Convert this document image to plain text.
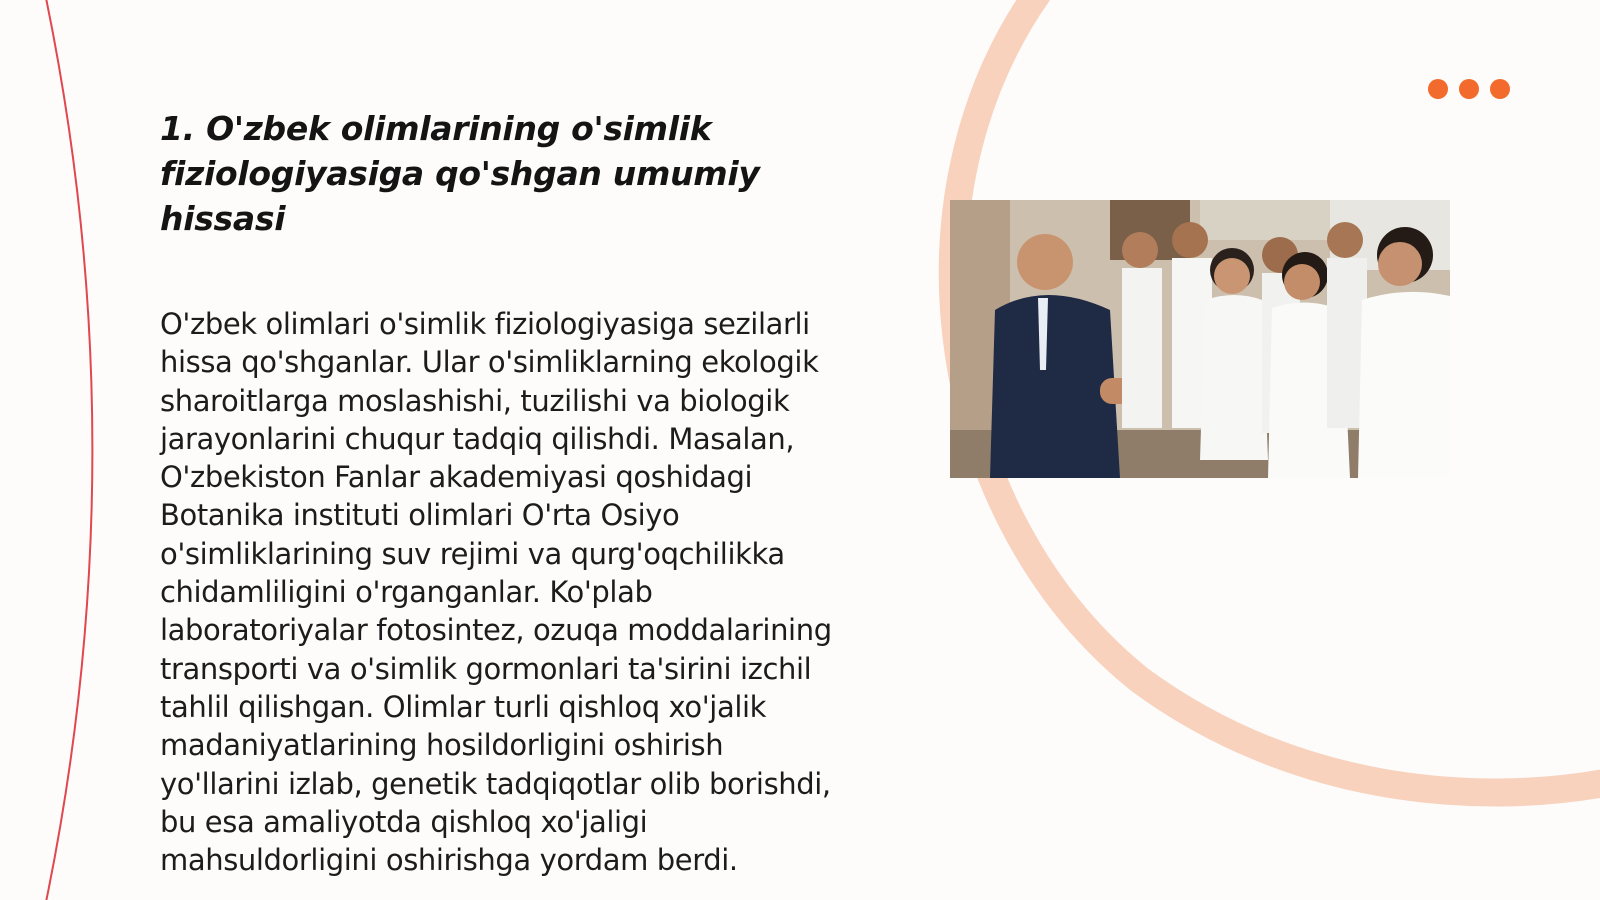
1. O'zbek olimlarining o'simlik fiziologiyasiga qo'shgan umumiy hissasi

O'zbek olimlari o'simlik fiziologiyasiga sezilarli hissa qo'shganlar. Ular o'simliklarning ekologik sharoitlarga moslashishi, tuzilishi va biologik jarayonlarini chuqur tadqiq qilishdi. Masalan, O'zbekiston Fanlar akademiyasi qoshidagi Botanika instituti olimlari O'rta Osiyo o'simliklarining suv rejimi va qurg'oqchilikka chidamliligini o'rganganlar. Ko'plab laboratoriyalar fotosintez, ozuqa moddalarining transporti va o'simlik gormonlari ta'sirini izchil tahlil qilishgan. Olimlar turli qishloq xo'jalik madaniyatlarining hosildorligini oshirish yo'llarini izlab, genetik tadqiqotlar olib borishdi, bu esa amaliyotda qishloq xo'jaligi mahsuldorligini oshirishga yordam berdi.
